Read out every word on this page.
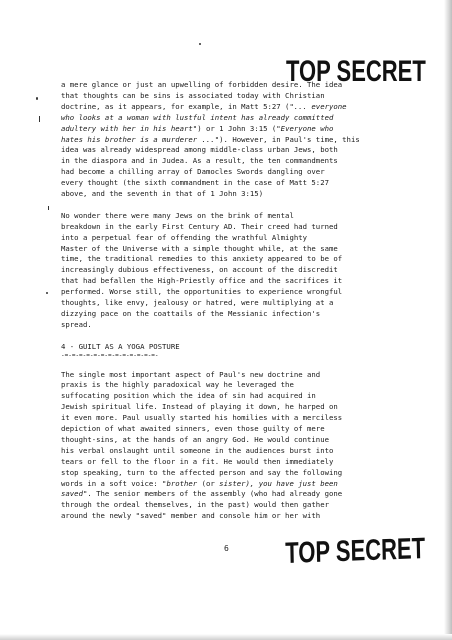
TOP SECRET

a mere glance or just an upwelling of forbidden desire. The idea

that thoughts can be sins is associated today with Christian

doctrine, as it appears, for example, in Matt 5:27 ("... everyone

who looks at a woman with lustful intent has already committed

adultery with her in his heart") or 1 John 3:15 ("Everyone who

hates his brother is a murderer ..."). However, in Paul's time, this

idea was already widespread among middle-class urban Jews, both

in the diaspora and in Judea. As a result, the ten commandments

had become a chilling array of Damocles Swords dangling over

every thought (the sixth commandment in the case of Matt 5:27

above, and the seventh in that of 1 John 3:15)

No wonder there were many Jews on the brink of mental

breakdown in the early First Century AD. Their creed had turned

into a perpetual fear of offending the wrathful Almighty

Master of the Universe with a simple thought while, at the same

time, the traditional remedies to this anxiety appeared to be of

increasingly dubious effectiveness, on account of the discredit

that had befallen the High-Priestly office and the sacrifices it

performed. Worse still, the opportunities to experience wrongful

thoughts, like envy, jealousy or hatred, were multiplying at a

dizzying pace on the coattails of the Messianic infection's

spread.

4 - GUILT AS A YOGA POSTURE

-=-=-=-=-=-=-=-=-=-=-=-=-=-

The single most important aspect of Paul's new doctrine and

praxis is the highly paradoxical way he leveraged the

suffocating position which the idea of sin had acquired in

Jewish spiritual life. Instead of playing it down, he harped on

it even more. Paul usually started his homilies with a merciless

depiction of what awaited sinners, even those guilty of mere

thought-sins, at the hands of an angry God. He would continue

his verbal onslaught until someone in the audiences burst into

tears or fell to the floor in a fit. He would then immediately

stop speaking, turn to the affected person and say the following

words in a soft voice: "brother (or sister), you have just been

saved". The senior members of the assembly (who had already gone

through the ordeal themselves, in the past) would then gather

around the newly "saved" member and console him or her with

6	TOP SECRET
